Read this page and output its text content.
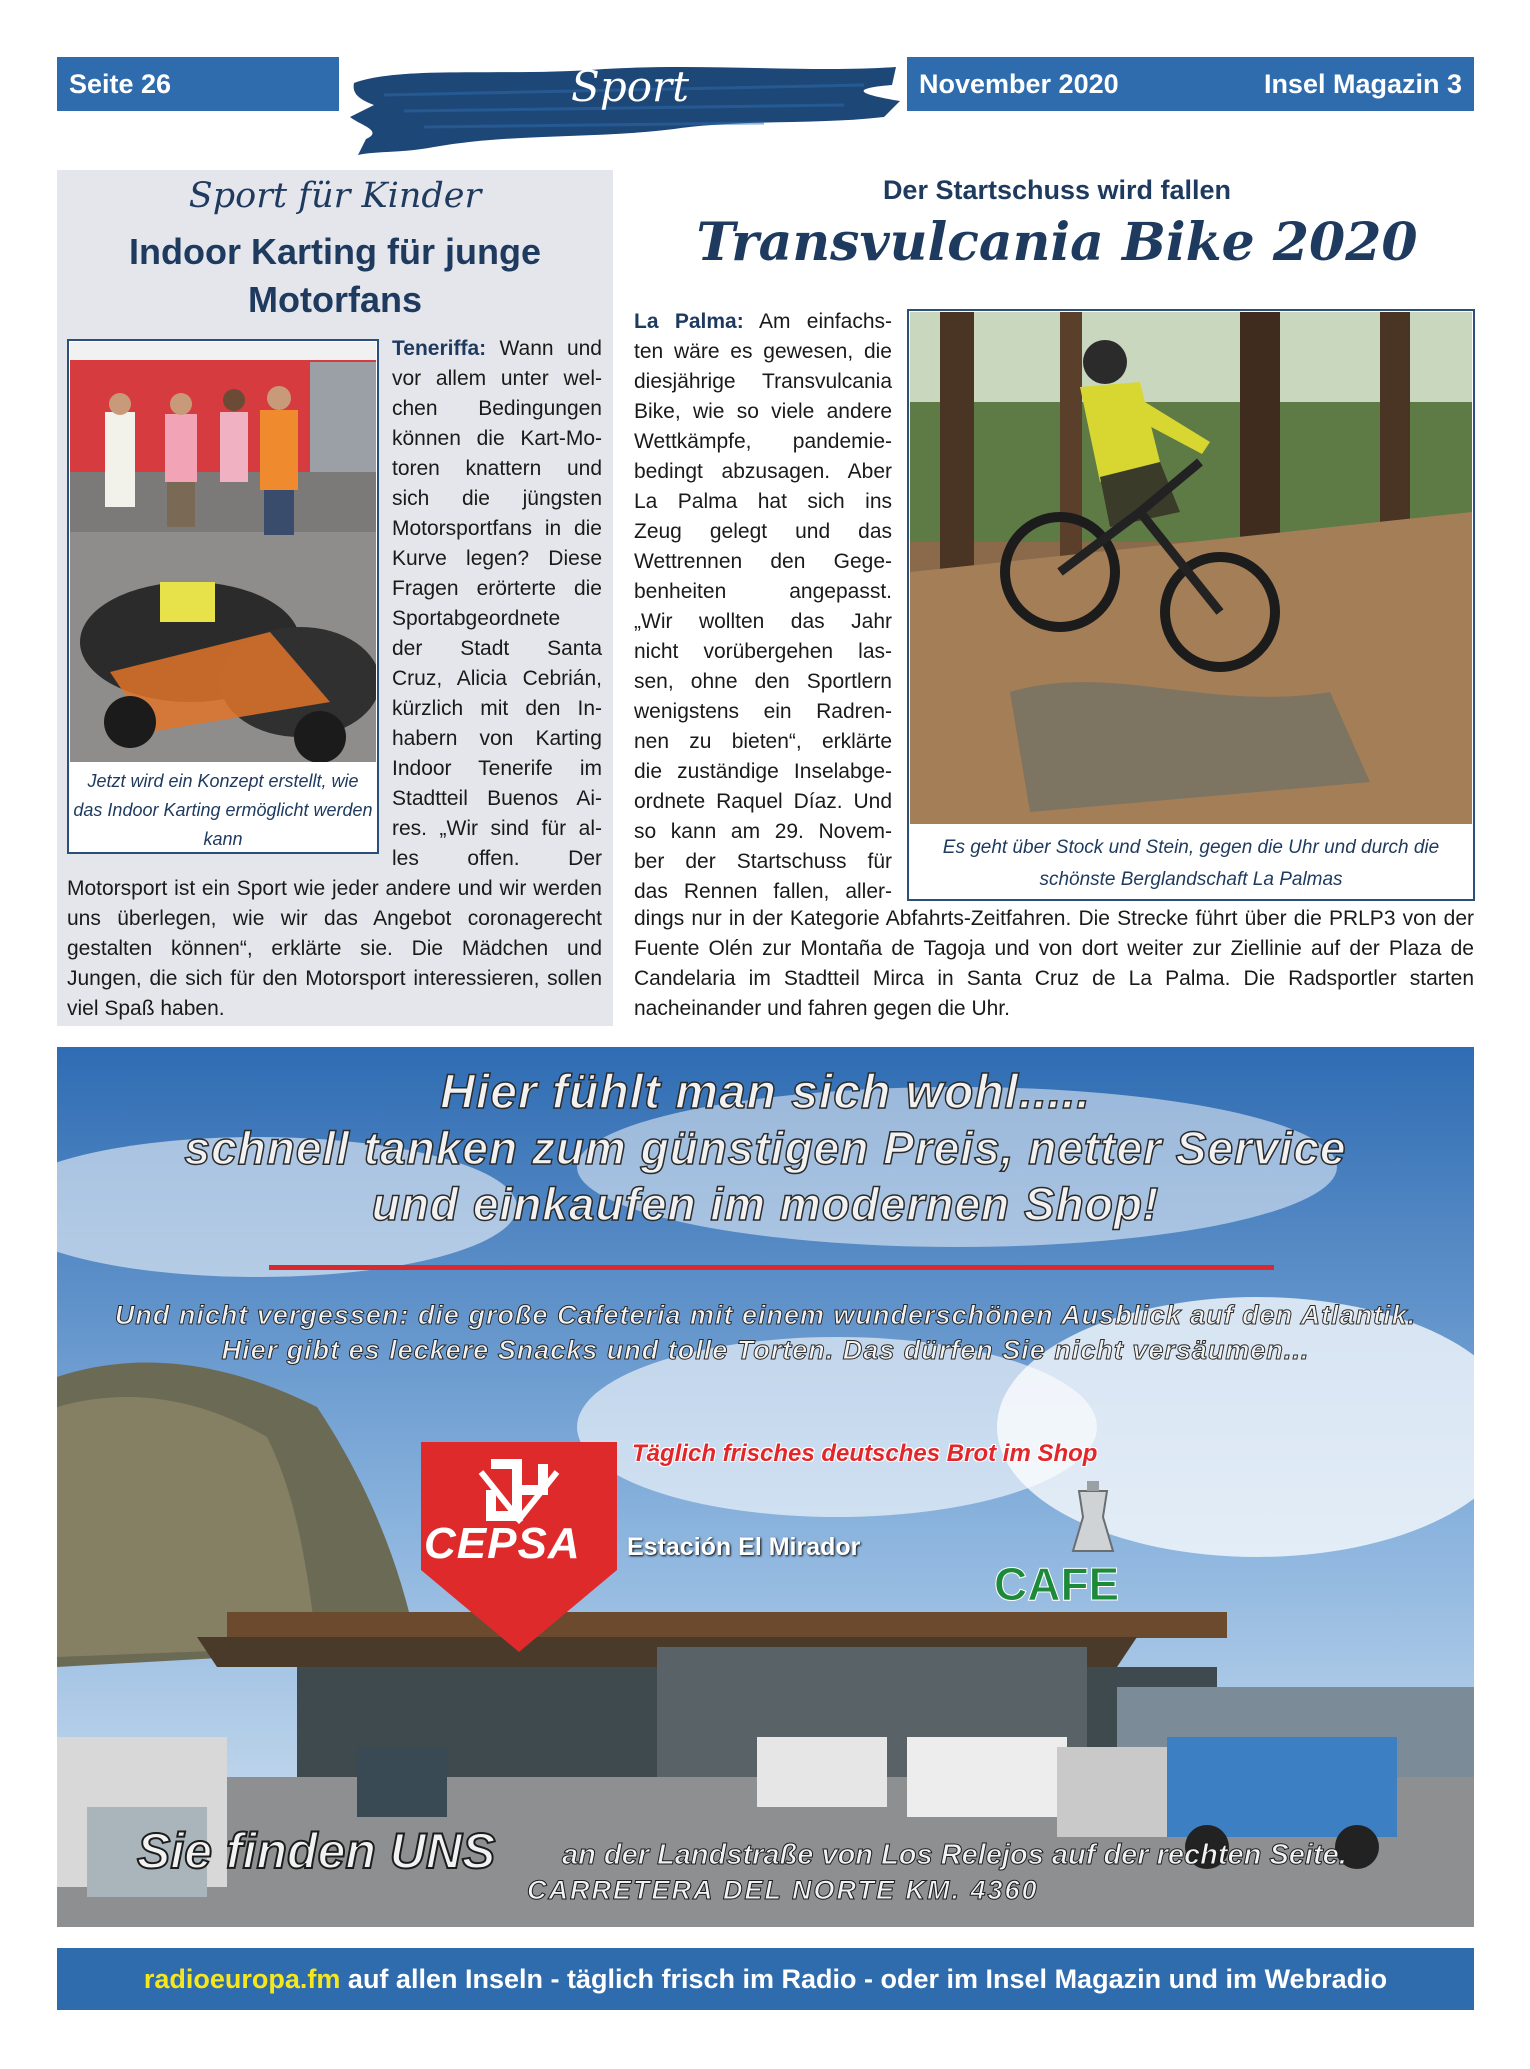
Seite 26	Sport	November 2020	Insel Magazin 3
Sport für Kinder
Indoor Karting für junge Motorfans
Jetzt wird ein Konzept erstellt, wie das Indoor Karting ermöglicht werden kann
Teneriffa: Wann und
vor allem unter wel-
chen Bedingungen
können die Kart-Mo-
toren knattern und
sich die jüngsten
Motorsportfans in die
Kurve legen? Diese
Fragen erörterte die
Sportabgeordnete
der Stadt Santa
Cruz, Alicia Cebrián,
kürzlich mit den In-
habern von Karting
Indoor Tenerife im
Stadtteil Buenos Ai-
res. „Wir sind für al-
les offen. Der
Motorsport ist ein Sport wie jeder andere und wir werden uns überlegen, wie wir das Angebot coronagerecht gestalten können“, erklärte sie. Die Mädchen und Jungen, die sich für den Motorsport interessieren, sollen viel Spaß haben.
Der Startschuss wird fallen
Transvulcania Bike 2020
La Palma: Am einfachs-
ten wäre es gewesen, die
diesjährige Transvulcania
Bike, wie so viele andere
Wettkämpfe, pandemie-
bedingt abzusagen. Aber
La Palma hat sich ins
Zeug gelegt und das
Wettrennen den Gege-
benheiten angepasst.
„Wir wollten das Jahr
nicht vorübergehen las-
sen, ohne den Sportlern
wenigstens ein Radren-
nen zu bieten“, erklärte
die zuständige Inselabge-
ordnete Raquel Díaz. Und
so kann am 29. Novem-
ber der Startschuss für
das Rennen fallen, aller-
Es geht über Stock und Stein, gegen die Uhr und durch die schönste Berglandschaft La Palmas
dings nur in der Kategorie Abfahrts-Zeitfahren. Die Strecke führt über die PRLP3 von der Fuente Olén zur Montaña de Tagoja und von dort weiter zur Ziellinie auf der Plaza de Candelaria im Stadtteil Mirca in Santa Cruz de La Palma. Die Radsportler starten nacheinander und fahren gegen die Uhr.
Hier fühlt man sich wohl.....
schnell tanken zum günstigen Preis, netter Service
und einkaufen im modernen Shop!
Und nicht vergessen: die große Cafeteria mit einem wunderschönen Ausblick auf den Atlantik.
Hier gibt es leckere Snacks und tolle Torten. Das dürfen Sie nicht versäumen...
CEPSA
Täglich frisches deutsches Brot im Shop
Estación El Mirador
CAFE
Sie finden UNS an der Landstraße von Los Relejos auf der rechten Seite.
CARRETERA DEL NORTE KM. 4360
radioeuropa.fm auf allen Inseln - täglich frisch im Radio - oder im Insel Magazin und im Webradio
